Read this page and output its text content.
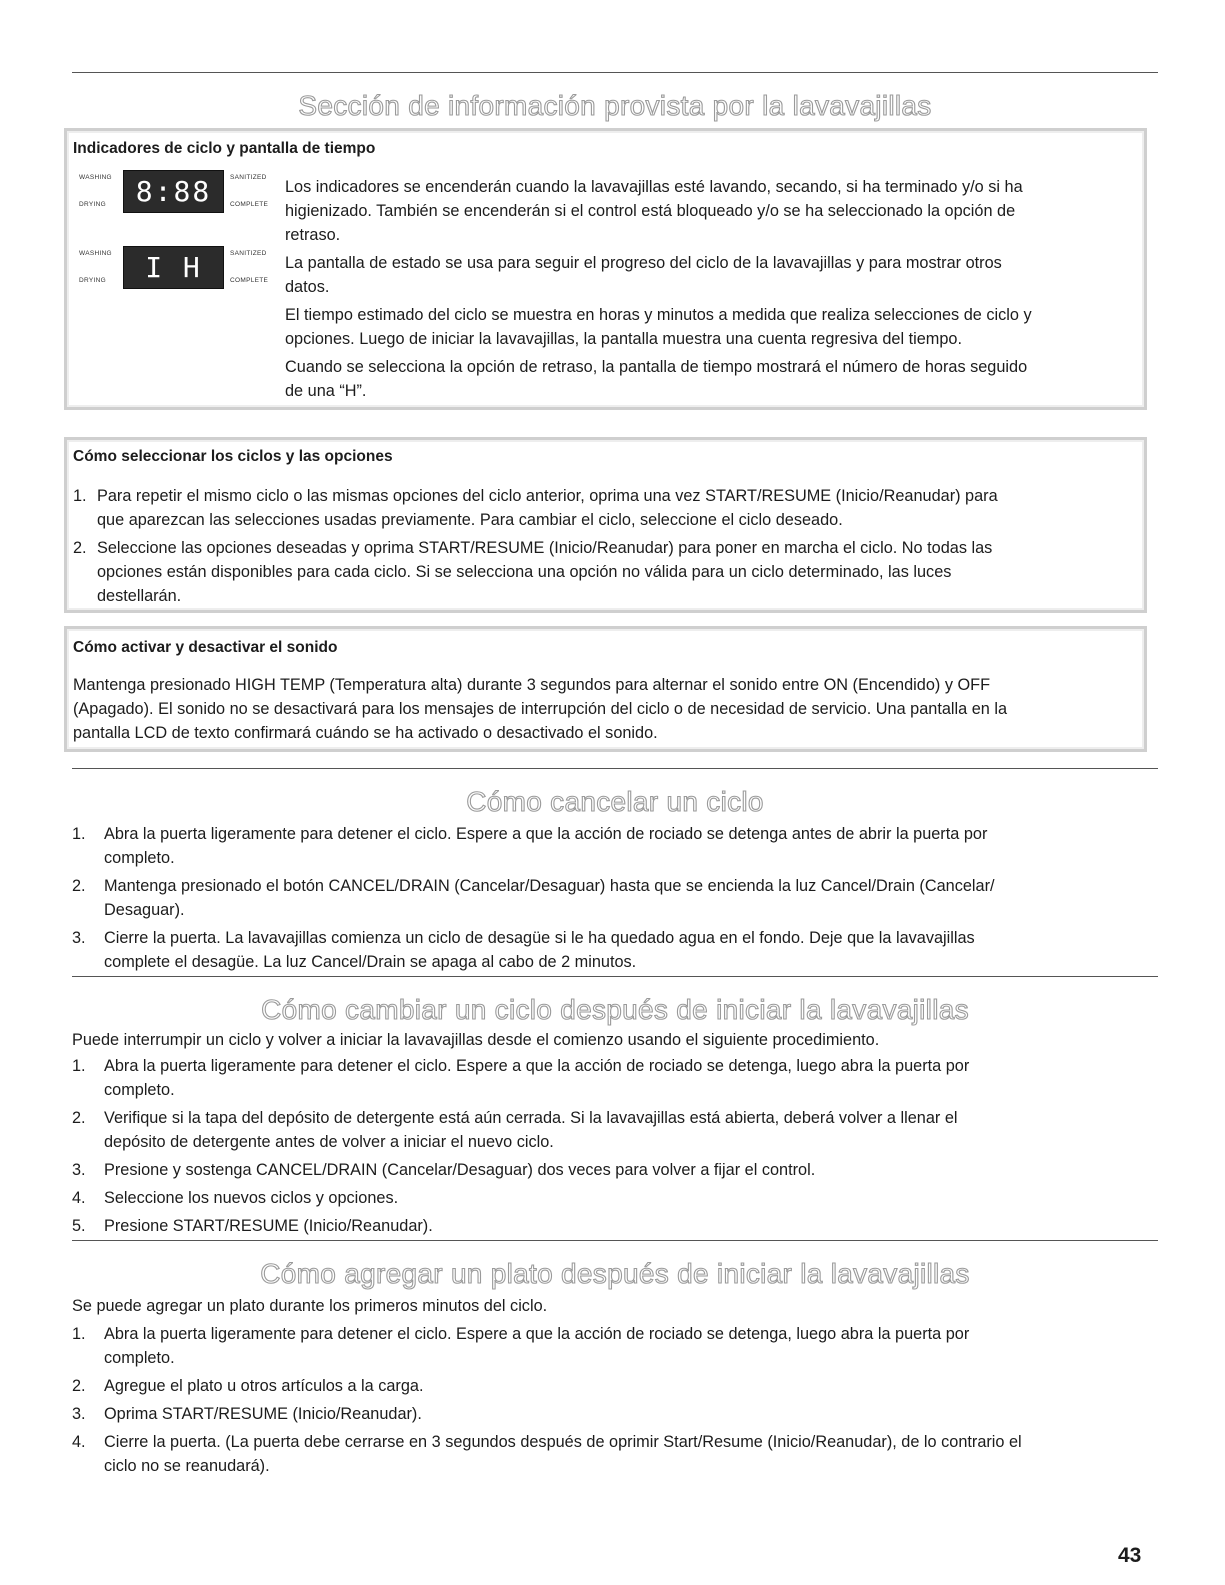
Sección de información provista por la lavavajillas
Indicadores de ciclo y pantalla de tiempo
WASHING
DRYING	8:88	SANITIZED
COMPLETE
WASHING
DRYING	I H	SANITIZED
COMPLETE
Los indicadores se encenderán cuando la lavavajillas esté lavando, secando, si ha terminado y/o si ha
higienizado. También se encenderán si el control está bloqueado y/o se ha seleccionado la opción de
retraso.
La pantalla de estado se usa para seguir el progreso del ciclo de la lavavajillas y para mostrar otros
datos.
El tiempo estimado del ciclo se muestra en horas y minutos a medida que realiza selecciones de ciclo y
opciones. Luego de iniciar la lavavajillas, la pantalla muestra una cuenta regresiva del tiempo.
Cuando se selecciona la opción de retraso, la pantalla de tiempo mostrará el número de horas seguido
de una “H”.
Cómo seleccionar los ciclos y las opciones
1. Para repetir el mismo ciclo o las mismas opciones del ciclo anterior, oprima una vez START/RESUME (Inicio/Reanudar) para
que aparezcan las selecciones usadas previamente. Para cambiar el ciclo, seleccione el ciclo deseado.
2. Seleccione las opciones deseadas y oprima START/RESUME (Inicio/Reanudar) para poner en marcha el ciclo. No todas las
opciones están disponibles para cada ciclo. Si se selecciona una opción no válida para un ciclo determinado, las luces
destellarán.
Cómo activar y desactivar el sonido
Mantenga presionado HIGH TEMP (Temperatura alta) durante 3 segundos para alternar el sonido entre ON (Encendido) y OFF
(Apagado). El sonido no se desactivará para los mensajes de interrupción del ciclo o de necesidad de servicio. Una pantalla en la
pantalla LCD de texto confirmará cuándo se ha activado o desactivado el sonido.
Cómo cancelar un ciclo
1. Abra la puerta ligeramente para detener el ciclo. Espere a que la acción de rociado se detenga antes de abrir la puerta por
completo.
2. Mantenga presionado el botón CANCEL/DRAIN (Cancelar/Desaguar) hasta que se encienda la luz Cancel/Drain (Cancelar/
Desaguar).
3. Cierre la puerta. La lavavajillas comienza un ciclo de desagüe si le ha quedado agua en el fondo. Deje que la lavavajillas
complete el desagüe. La luz Cancel/Drain se apaga al cabo de 2 minutos.
Cómo cambiar un ciclo después de iniciar la lavavajillas
Puede interrumpir un ciclo y volver a iniciar la lavavajillas desde el comienzo usando el siguiente procedimiento.
1. Abra la puerta ligeramente para detener el ciclo. Espere a que la acción de rociado se detenga, luego abra la puerta por
completo.
2. Verifique si la tapa del depósito de detergente está aún cerrada. Si la lavavajillas está abierta, deberá volver a llenar el
depósito de detergente antes de volver a iniciar el nuevo ciclo.
3. Presione y sostenga CANCEL/DRAIN (Cancelar/Desaguar) dos veces para volver a fijar el control.
4. Seleccione los nuevos ciclos y opciones.
5. Presione START/RESUME (Inicio/Reanudar).
Cómo agregar un plato después de iniciar la lavavajillas
Se puede agregar un plato durante los primeros minutos del ciclo.
1. Abra la puerta ligeramente para detener el ciclo. Espere a que la acción de rociado se detenga, luego abra la puerta por
completo.
2. Agregue el plato u otros artículos a la carga.
3. Oprima START/RESUME (Inicio/Reanudar).
4. Cierre la puerta. (La puerta debe cerrarse en 3 segundos después de oprimir Start/Resume (Inicio/Reanudar), de lo contrario el
ciclo no se reanudará).
43
